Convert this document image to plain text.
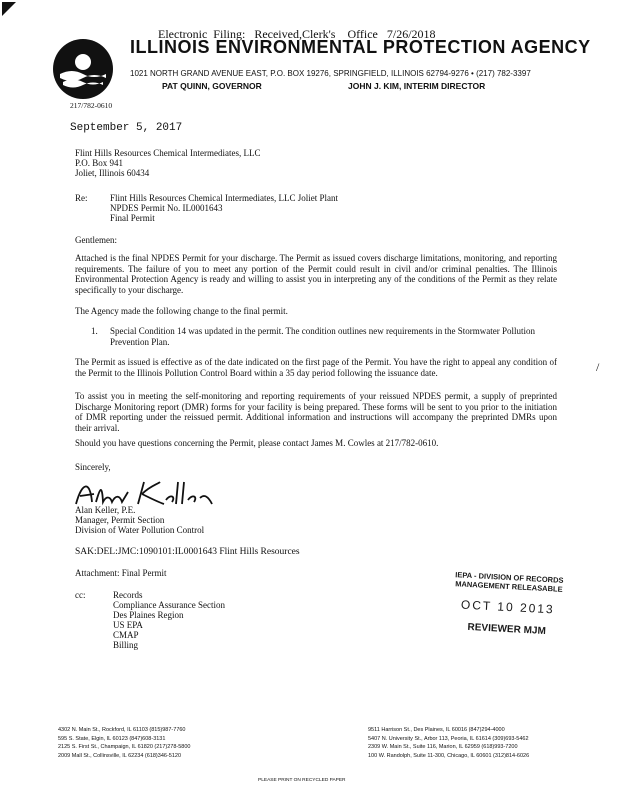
Electronic  Filing:   Received,Clerk's    Office   7/26/2018
ILLINOIS ENVIRONMENTAL PROTECTION AGENCY
1021 NORTH GRAND AVENUE EAST, P.O. BOX 19276, SPRINGFIELD, ILLINOIS 62794-9276 • (217) 782-3397
PAT QUINN, GOVERNOR	JOHN J. KIM, INTERIM DIRECTOR
217/782-0610
September 5, 2017
Flint Hills Resources Chemical Intermediates, LLC
P.O. Box 941
Joliet, Illinois 60434
Re:	Flint Hills Resources Chemical Intermediates, LLC Joliet Plant
NPDES Permit No. IL0001643
Final Permit
Gentlemen:
Attached is the final NPDES Permit for your discharge. The Permit as issued covers discharge limitations, monitoring, and reporting requirements. The failure of you to meet any portion of the Permit could result in civil and/or criminal penalties. The Illinois Environmental Protection Agency is ready and willing to assist you in interpreting any of the conditions of the Permit as they relate specifically to your discharge.
The Agency made the following change to the final permit.
1. Special Condition 14 was updated in the permit. The condition outlines new requirements in the Stormwater Pollution Prevention Plan.
The Permit as issued is effective as of the date indicated on the first page of the Permit. You have the right to appeal any condition of the Permit to the Illinois Pollution Control Board within a 35 day period following the issuance date.
To assist you in meeting the self-monitoring and reporting requirements of your reissued NPDES permit, a supply of preprinted Discharge Monitoring report (DMR) forms for your facility is being prepared. These forms will be sent to you prior to the initiation of DMR reporting under the reissued permit. Additional information and instructions will accompany the preprinted DMRs upon their arrival.
Should you have questions concerning the Permit, please contact James M. Cowles at 217/782-0610.
Sincerely,
Alan Keller, P.E.
Manager, Permit Section
Division of Water Pollution Control
SAK:DEL:JMC:1090101:IL0001643 Flint Hills Resources
Attachment: Final Permit
cc:	Records
Compliance Assurance Section
Des Plaines Region
US EPA
CMAP
Billing
IEPA - DIVISION OF RECORDS MANAGEMENT RELEASABLE
OCT 10 2013
REVIEWER MJM
/
4302 N. Main St., Rockford, IL 61103 (815)987-7760
595 S. State, Elgin, IL 60123 (847)608-3131
2125 S. First St., Champaign, IL 61820 (217)278-5800
2009 Mall St., Collinsville, IL 62234 (618)346-5120
9511 Harrison St., Des Plaines, IL 60016 (847)294-4000
5407 N. University St., Arbor 113, Peoria, IL 61614 (309)693-5462
2309 W. Main St., Suite 116, Marion, IL 62959 (618)993-7200
100 W. Randolph, Suite 11-300, Chicago, IL 60601 (312)814-6026
PLEASE PRINT ON RECYCLED PAPER
